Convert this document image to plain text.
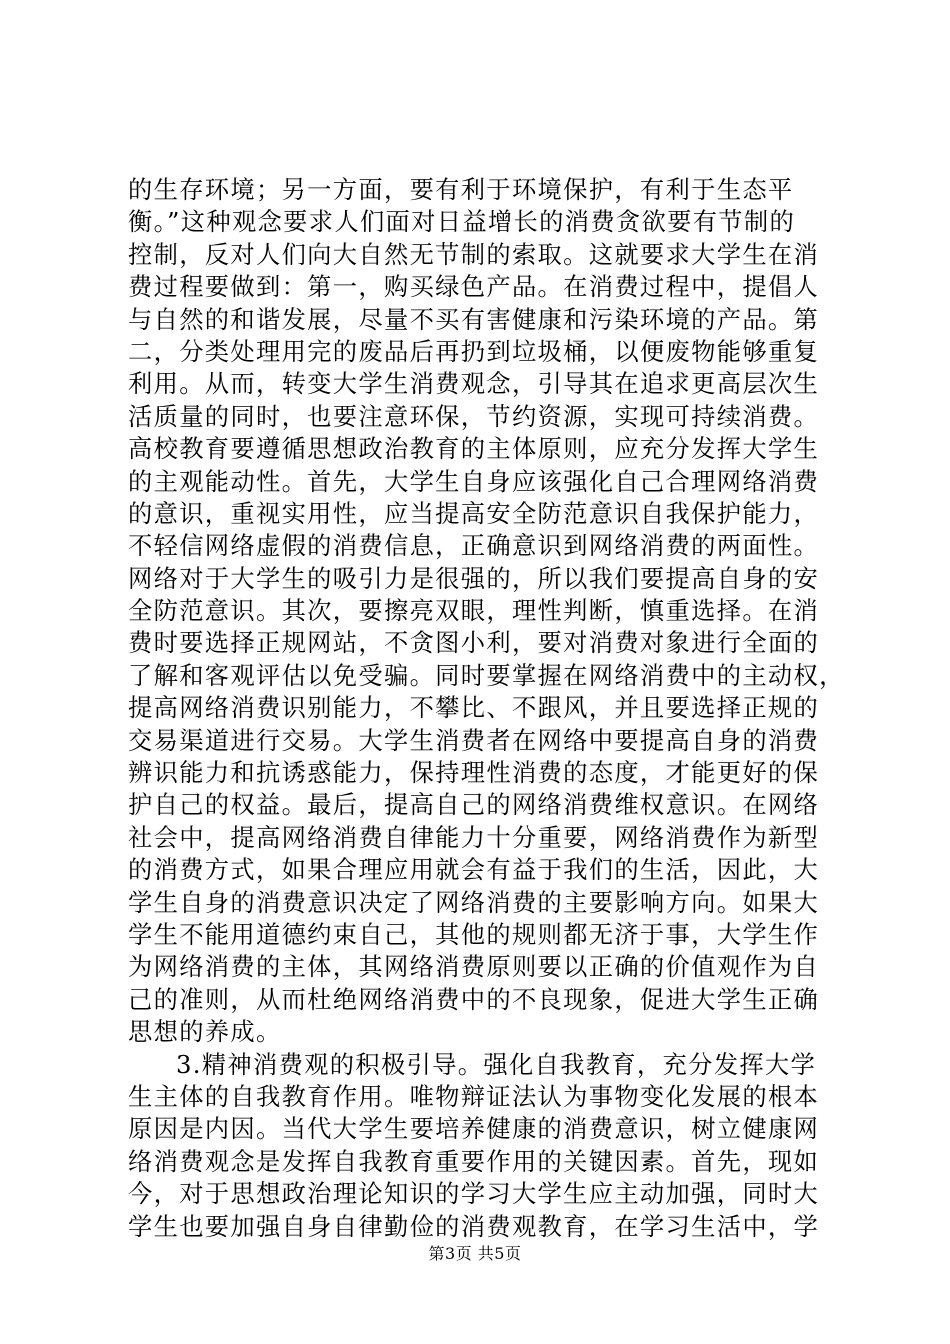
的生存环境；另一方面，要有利于环境保护，有利于生态平
衡。”这种观念要求人们面对日益增长的消费贪欲要有节制的
控制，反对人们向大自然无节制的索取。这就要求大学生在消
费过程要做到：第一，购买绿色产品。在消费过程中，提倡人
与自然的和谐发展，尽量不买有害健康和污染环境的产品。第
二，分类处理用完的废品后再扔到垃圾桶，以便废物能够重复
利用。从而，转变大学生消费观念，引导其在追求更高层次生
活质量的同时，也要注意环保，节约资源，实现可持续消费。
高校教育要遵循思想政治教育的主体原则，应充分发挥大学生
的主观能动性。首先，大学生自身应该强化自己合理网络消费
的意识，重视实用性，应当提高安全防范意识自我保护能力，
不轻信网络虚假的消费信息，正确意识到网络消费的两面性。
网络对于大学生的吸引力是很强的，所以我们要提高自身的安
全防范意识。其次，要擦亮双眼，理性判断，慎重选择。在消
费时要选择正规网站，不贪图小利，要对消费对象进行全面的
了解和客观评估以免受骗。同时要掌握在网络消费中的主动权，
提高网络消费识别能力，不攀比、不跟风，并且要选择正规的
交易渠道进行交易。大学生消费者在网络中要提高自身的消费
辨识能力和抗诱惑能力，保持理性消费的态度，才能更好的保
护自己的权益。最后，提高自己的网络消费维权意识。在网络
社会中，提高网络消费自律能力十分重要，网络消费作为新型
的消费方式，如果合理应用就会有益于我们的生活，因此，大
学生自身的消费意识决定了网络消费的主要影响方向。如果大
学生不能用道德约束自己，其他的规则都无济于事，大学生作
为网络消费的主体，其网络消费原则要以正确的价值观作为自
己的准则，从而杜绝网络消费中的不良现象，促进大学生正确
思想的养成。
3.精神消费观的积极引导。强化自我教育，充分发挥大学
生主体的自我教育作用。唯物辩证法认为事物变化发展的根本
原因是内因。当代大学生要培养健康的消费意识，树立健康网
络消费观念是发挥自我教育重要作用的关键因素。首先，现如
今，对于思想政治理论知识的学习大学生应主动加强，同时大
学生也要加强自身自律勤俭的消费观教育，在学习生活中，学
第3页 共5页
